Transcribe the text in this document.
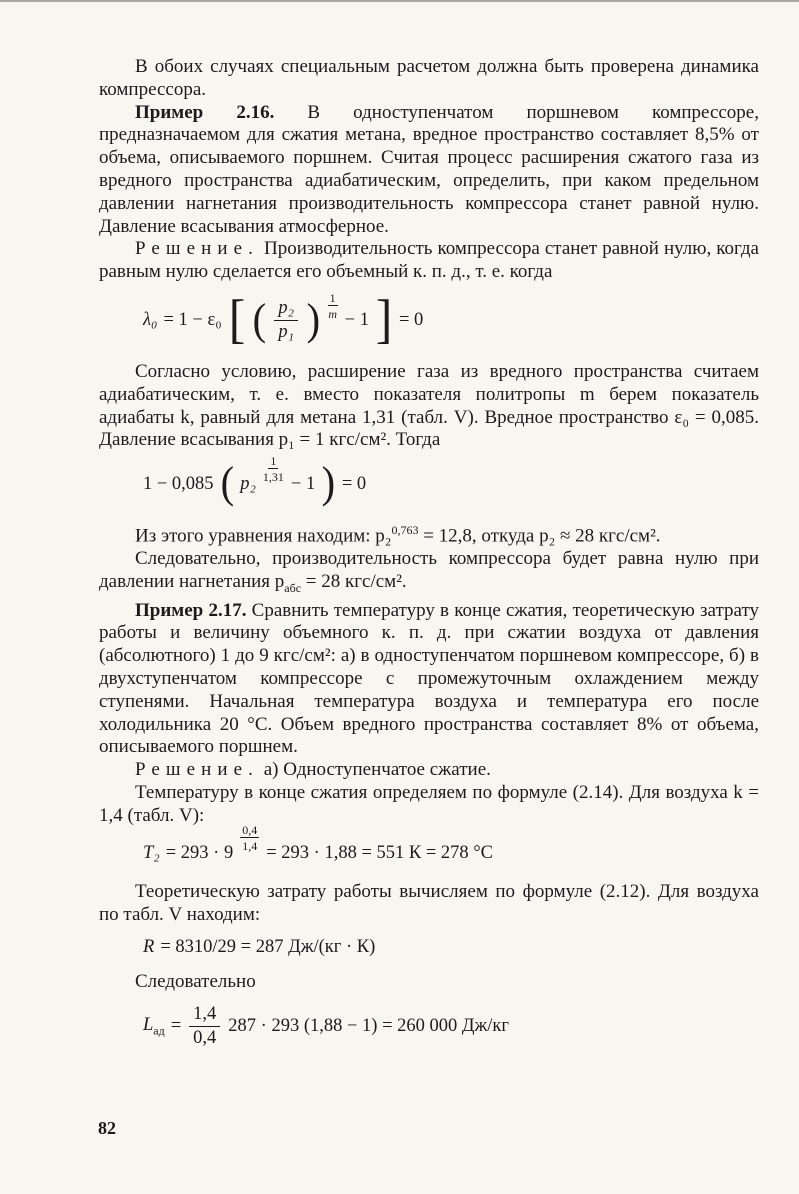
В обоих случаях специальным расчетом должна быть проверена динамика компрессора.

Пример 2.16. В одноступенчатом поршневом компрессоре, предназначаемом для сжатия метана, вредное пространство составляет 8,5% от объема, описываемого поршнем. Считая процесс расширения сжатого газа из вредного пространства адиабатическим, определить, при каком предельном давлении нагнетания производительность компрессора станет равной нулю. Давление всасывания атмосферное.

Решение. Производительность компрессора станет равной нулю, когда равным нулю сделается его объемный к. п. д., т. е. когда

λ₀ = 1 − ε₀ [ ( $\frac{\text{p₂}}{\text{p₁}}$ ) $\frac{1}{m} - 1$ ] = 0

Согласно условию, расширение газа из вредного пространства считаем адиабатическим, т. е. вместо показателя политропы m берем показатель адиабаты k, равный для метана 1,31 (табл. V). Вредное пространство ε₀ = 0,085. Давление всасывания p₁ = 1 кгс/см². Тогда

1 − 0,085 ( $p_2 \frac{1}{1,31} - 1$ ) = 0

Из этого уравнения находим: p₂$^{0,763}$ = 12,8, откуда p₂ ≈ 28 кгс/см².

Следовательно, производительность компрессора будет равна нулю при давлении нагнетания $p_{абс} = 28$ кгс/см².

Пример 2.17. Сравнить температуру в конце сжатия, теоретическую затрату работы и величину объемного к. п. д. при сжатии воздуха от давления (абсолютного) 1 до 9 кгс/см²: а) в одноступенчатом поршневом компрессоре, б) в двухступенчатом компрессоре с промежуточным охлаждением между ступенями. Начальная температура воздуха и температура его после холодильника 20 °C. Объем вредного пространства составляет 8% от объема, описываемого поршнем.

Решение. а) Одноступенчатое сжатие.

Температуру в конце сжатия определяем по формуле (2.14). Для воздуха k = 1,4 (табл. V):

$T_2 = 293 \cdot 9 \frac{0,4}{1,4} = 293 \cdot 1,88 = 551$ К = 278 °C

Теоретическую затрату работы вычисляем по формуле (2.12). Для воздуха по табл. V находим:

R = 8310/29 = 287 Дж/(кг · К)

Следовательно

$L_{ад} = \frac{1,4}{0,4} 287 \cdot 293$ (1,88 − 1) = 260 000 Дж/кг
82
